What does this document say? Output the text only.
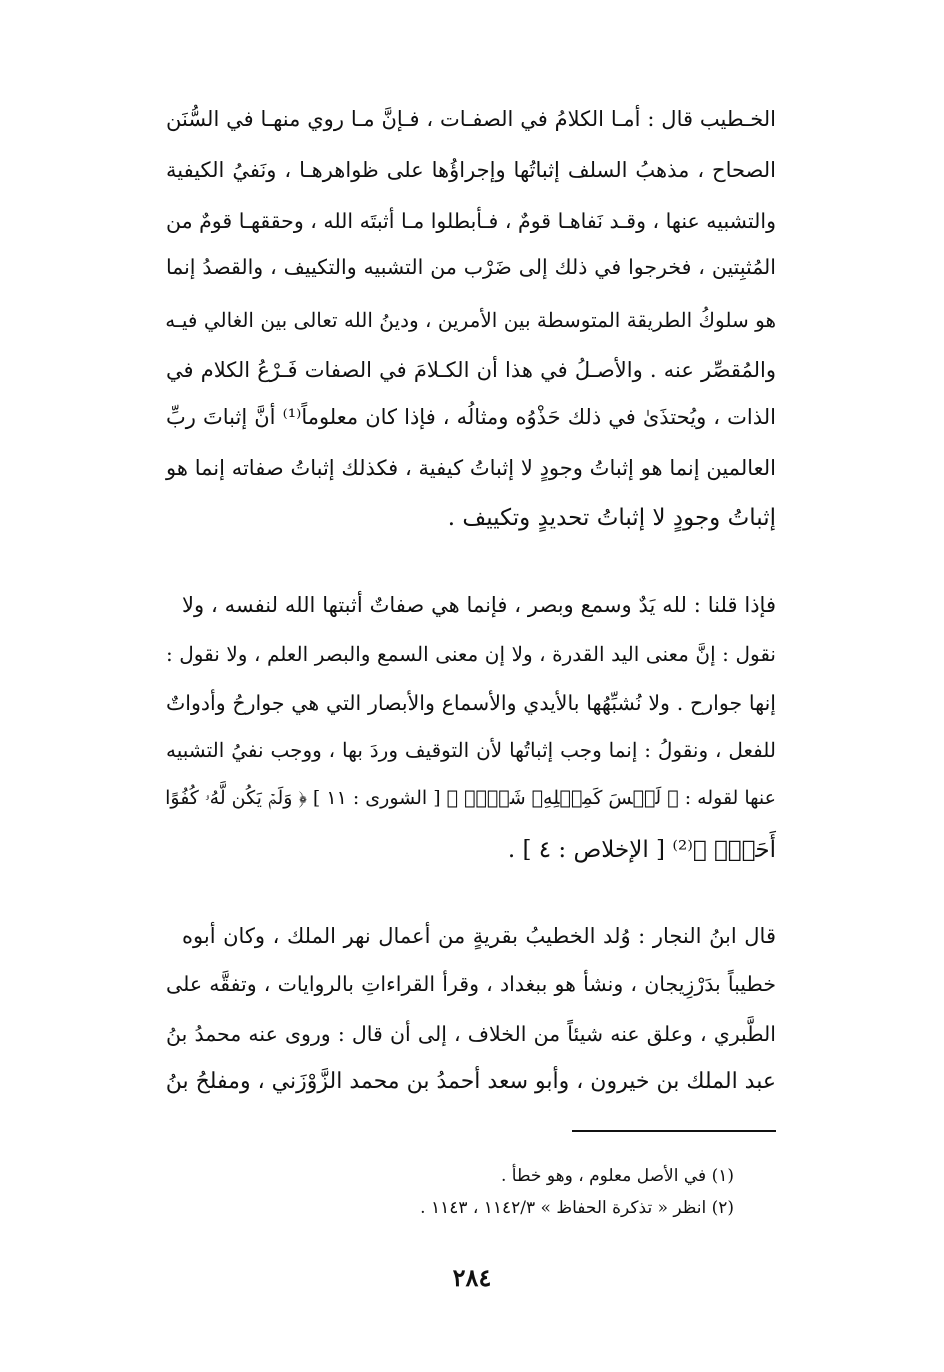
الخـطيب قال : أمـا الكلامُ في الصفـات ، فـإنَّ مـا روي منهـا في السُّنَن
الصحاح ، مذهبُ السلف إثباتُها وإجراؤُها على ظواهرهـا ، ونَفيُ الكيفية
والتشبيه عنها ، وقـد نَفاهـا قومٌ ، فـأبطلوا مـا أثبتَه الله ، وحققهـا قومٌ من
المُثبِتين ، فخرجوا في ذلك إلى ضَرْب من التشبيه والتكييف ، والقصدُ إنما
هو سلوكُ الطريقة المتوسطة بين الأمرين ، ودينُ الله تعالى بين الغالي فيـه
والمُقصِّر عنه . والأصـلُ في هذا أن الكـلامَ في الصفات فَـرْعُ الكلام في
الذات ، ويُحتذَىٰ في ذلك حَذْوُه ومثالُه ، فإذا كان معلوماً⁽¹⁾ أنَّ إثباتَ ربِّ
العالمين إنما هو إثباتُ وجودٍ لا إثباتُ كيفية ، فكذلك إثباتُ صفاته إنما هو
إثباتُ وجودٍ لا إثباتُ تحديدٍ وتكييف .
فإذا قلنا : لله يَدٌ وسمع وبصر ، فإنما هي صفاتٌ أثبتها الله لنفسه ، ولا
نقول : إنَّ معنى اليد القدرة ، ولا إن معنى السمع والبصر العلم ، ولا نقول :
إنها جوارح . ولا نُشبِّهُها بالأيدي والأسماع والأبصار التي هي جوارحُ وأدواتٌ
للفعل ، ونقولُ : إنما وجب إثباتُها لأن التوقيف وردَ بها ، ووجب نفيُ التشبيه
عنها لقوله : ﴿ لَيۡسَ كَمِثۡلِهِۦ شَيۡءٞ ﴾ [ الشورى : ١١ ] ﴿ وَلَمۡ يَكُن لَّهُۥ كُفُوًا
أَحَدُۢ ﴾⁽²⁾ [ الإخلاص : ٤ ] .
قال ابنُ النجار : وُلد الخطيبُ بقريةٍ من أعمال نهر الملك ، وكان أبوه
خطيباً بدَرْزِيجان ، ونشأ هو ببغداد ، وقرأ القراءاتِ بالروايات ، وتفقَّه على
الطَّبري ، وعلق عنه شيئاً من الخلاف ، إلى أن قال : وروى عنه محمدُ بنُ
عبد الملك بن خيرون ، وأبو سعد أحمدُ بن محمد الزَّوْزَني ، ومفلحُ بنُ
(١) في الأصل معلوم ، وهو خطأ .
(٢) انظر « تذكرة الحفاظ » ١١٤٢/٣ ، ١١٤٣ .
٢٨٤
